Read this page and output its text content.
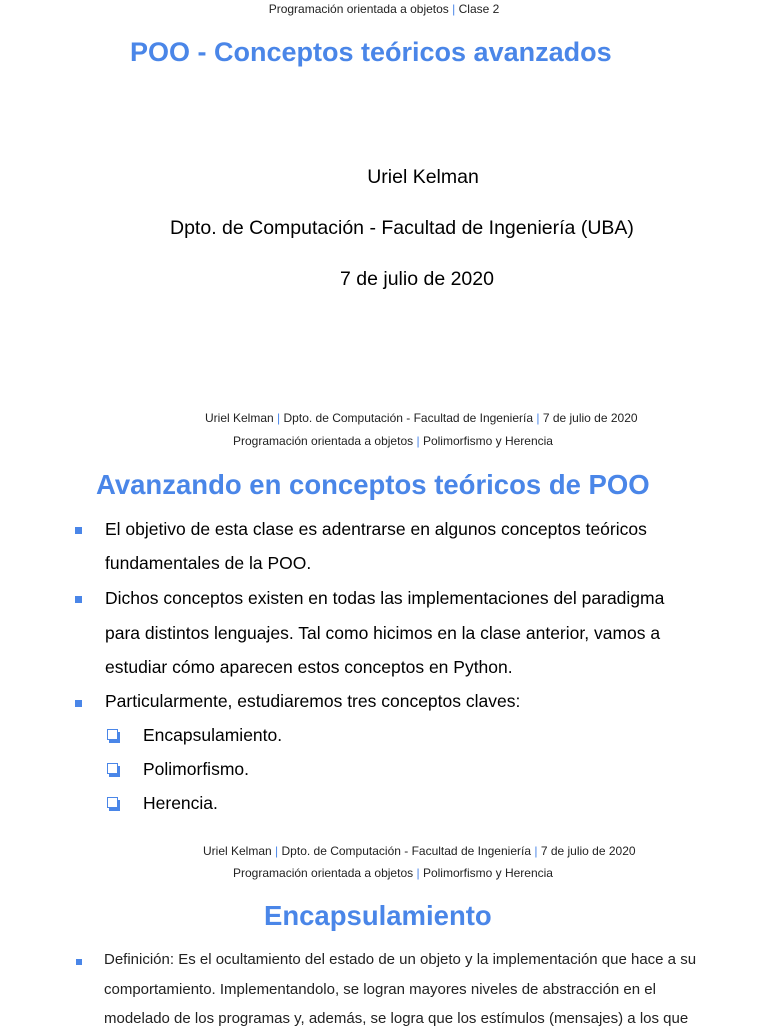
Programación orientada a objetos | Clase 2
POO - Conceptos teóricos avanzados
Uriel Kelman
Dpto. de Computación - Facultad de Ingeniería (UBA)
7 de julio de 2020
Uriel Kelman | Dpto. de Computación - Facultad de Ingeniería | 7 de julio de 2020
Programación orientada a objetos | Polimorfismo y Herencia
Avanzando en conceptos teóricos de POO
El objetivo de esta clase es adentrarse en algunos conceptos teóricos
fundamentales de la POO.
Dichos conceptos existen en todas las implementaciones del paradigma
para distintos lenguajes. Tal como hicimos en la clase anterior, vamos a
estudiar cómo aparecen estos conceptos en Python.
Particularmente, estudiaremos tres conceptos claves:
Encapsulamiento.
Polimorfismo.
Herencia.
Uriel Kelman | Dpto. de Computación - Facultad de Ingeniería | 7 de julio de 2020
Programación orientada a objetos | Polimorfismo y Herencia
Encapsulamiento
Definición: Es el ocultamiento del estado de un objeto y la implementación que hace a su
comportamiento. Implementandolo, se logran mayores niveles de abstracción en el
modelado de los programas y, además, se logra que los estímulos (mensajes) a los que
